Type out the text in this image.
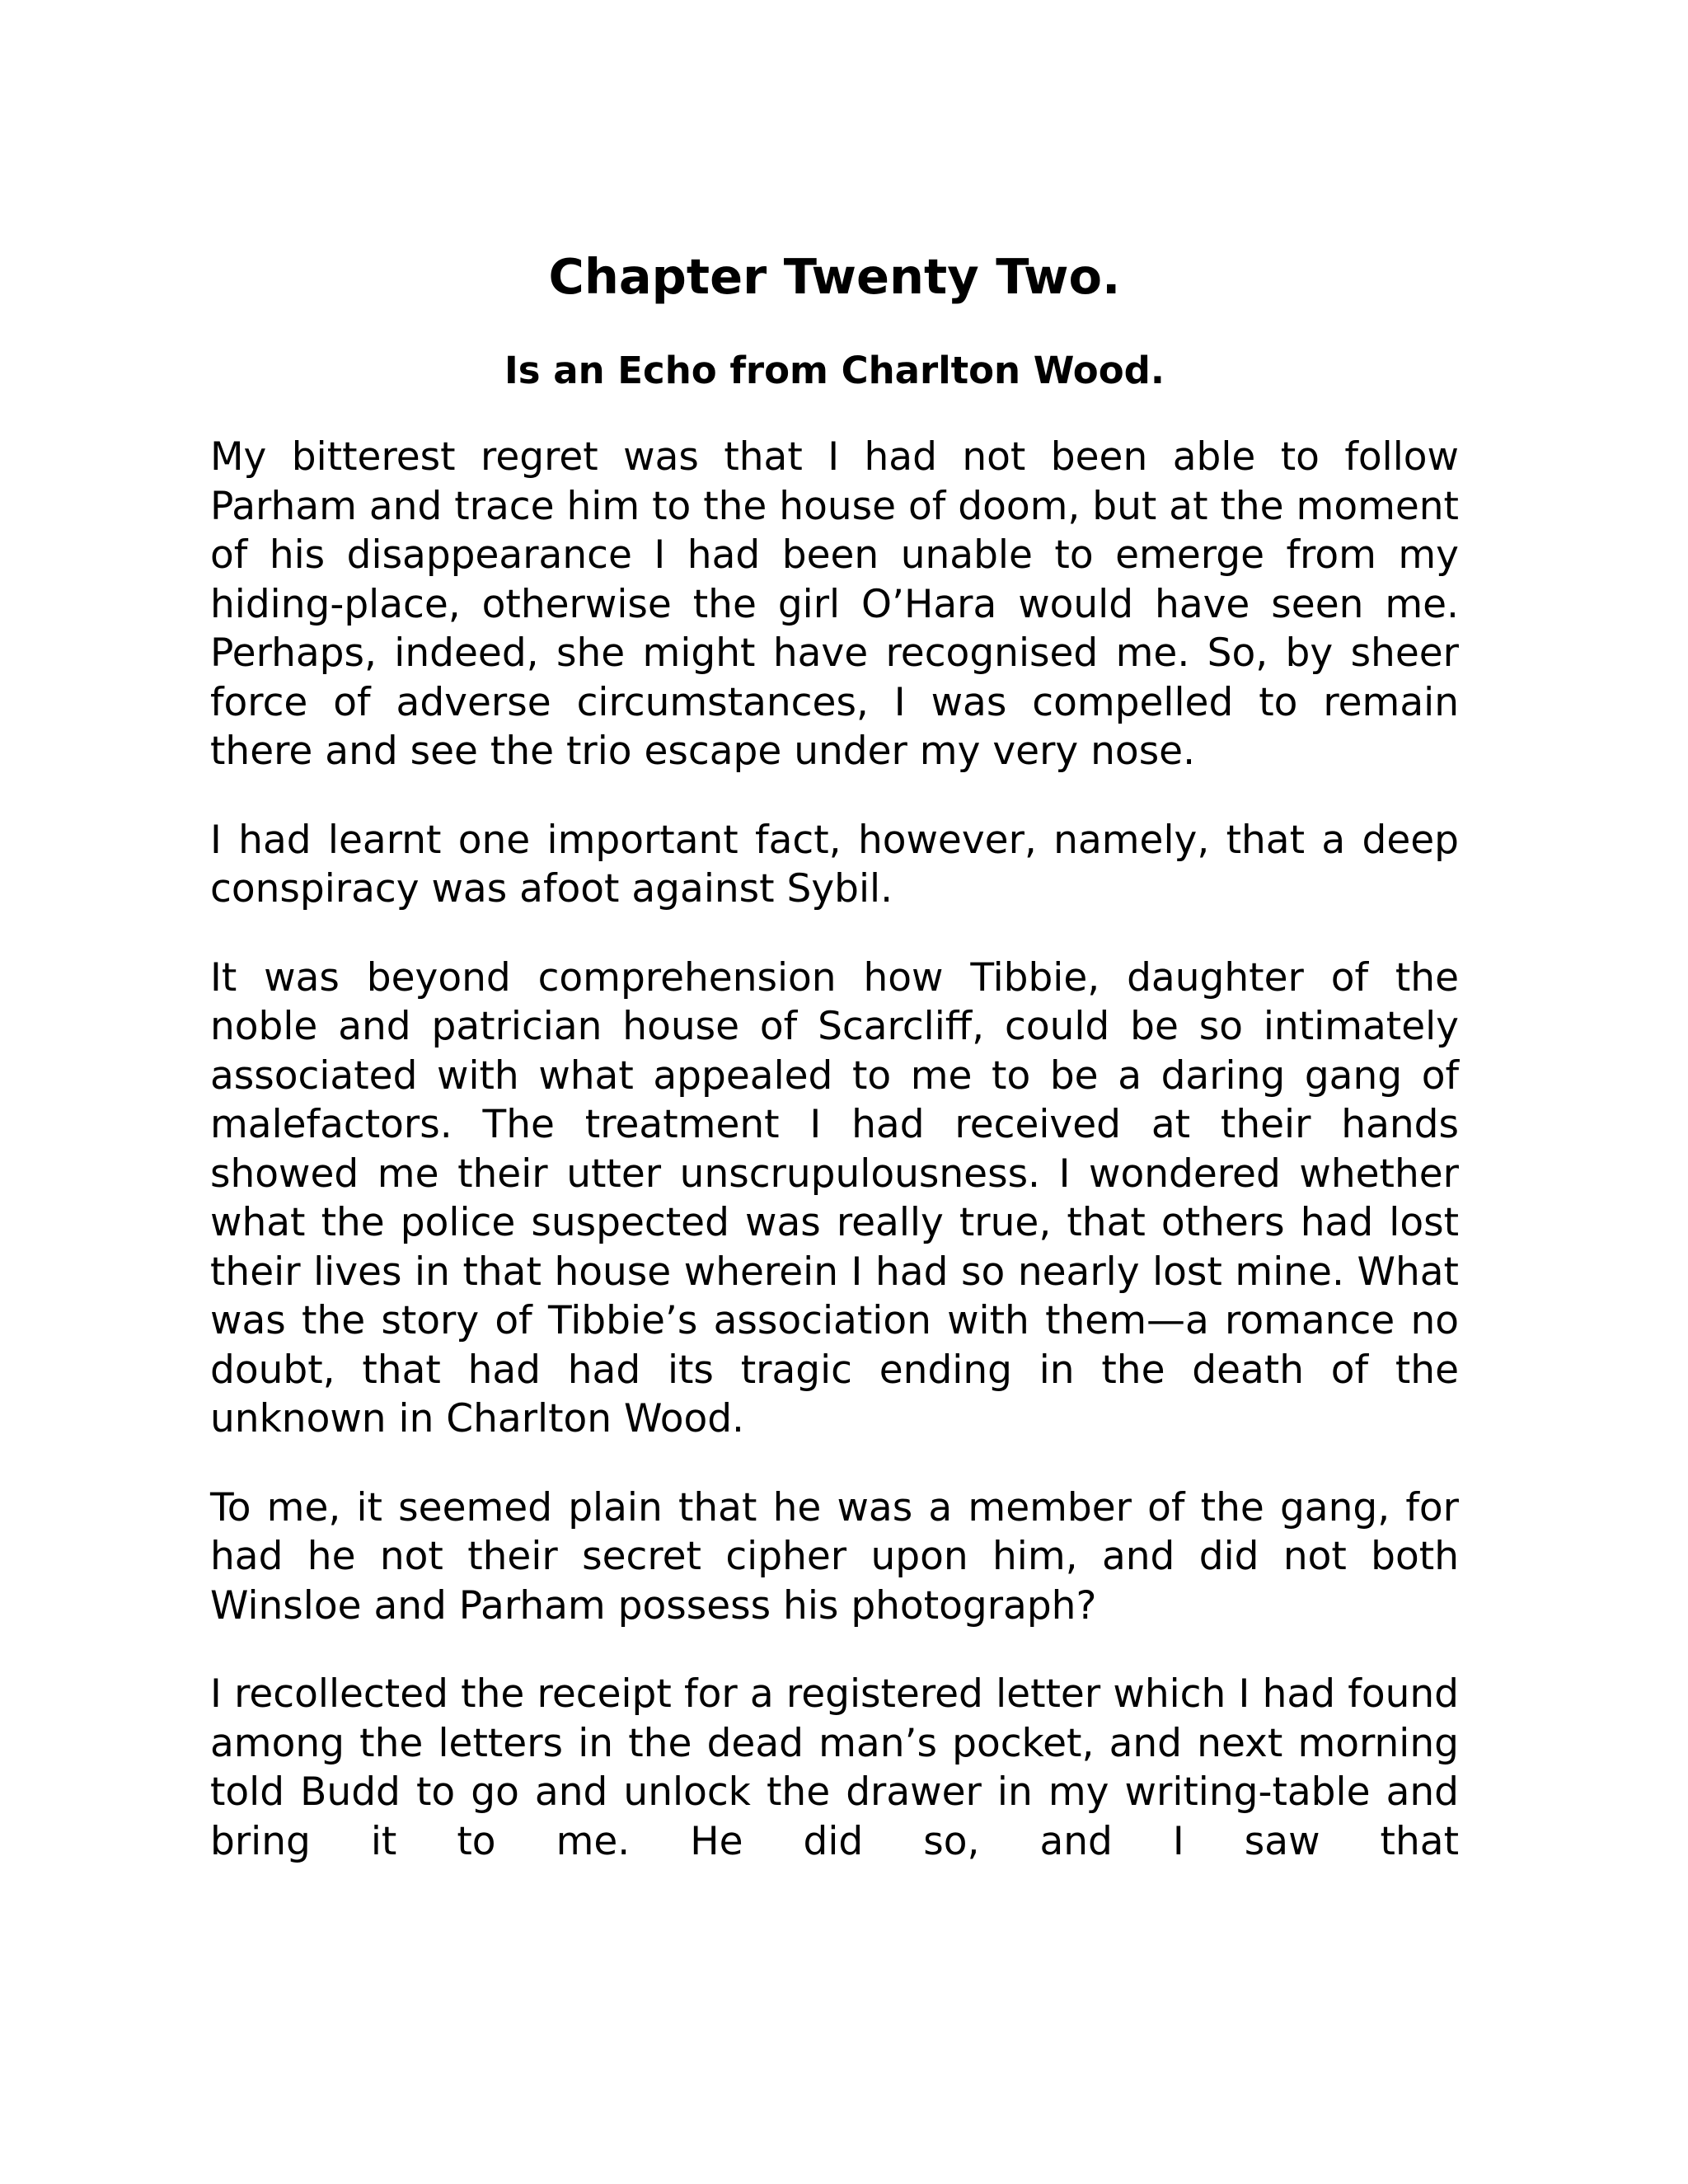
Chapter Twenty Two.
Is an Echo from Charlton Wood.

My bitterest regret was that I had not been able to follow Parham and trace him to the house of doom, but at the moment of his disappearance I had been unable to emerge from my hiding-place, otherwise the girl O’Hara would have seen me. Perhaps, indeed, she might have recognised me. So, by sheer force of adverse circumstances, I was compelled to remain there and see the trio escape under my very nose.

I had learnt one important fact, however, namely, that a deep conspiracy was afoot against Sybil.

It was beyond comprehension how Tibbie, daughter of the noble and patrician house of Scarcliff, could be so intimately associated with what appealed to me to be a daring gang of malefactors. The treatment I had received at their hands showed me their utter unscrupulousness. I wondered whether what the police suspected was really true, that others had lost their lives in that house wherein I had so nearly lost mine. What was the story of Tibbie’s association with them—a romance no doubt, that had had its tragic ending in the death of the unknown in Charlton Wood.

To me, it seemed plain that he was a member of the gang, for had he not their secret cipher upon him, and did not both Winsloe and Parham possess his photograph?

I recollected the receipt for a registered letter which I had found among the letters in the dead man’s pocket, and next morning told Budd to go and unlock the drawer in my writing-table and bring it to me. He did so, and I saw that
